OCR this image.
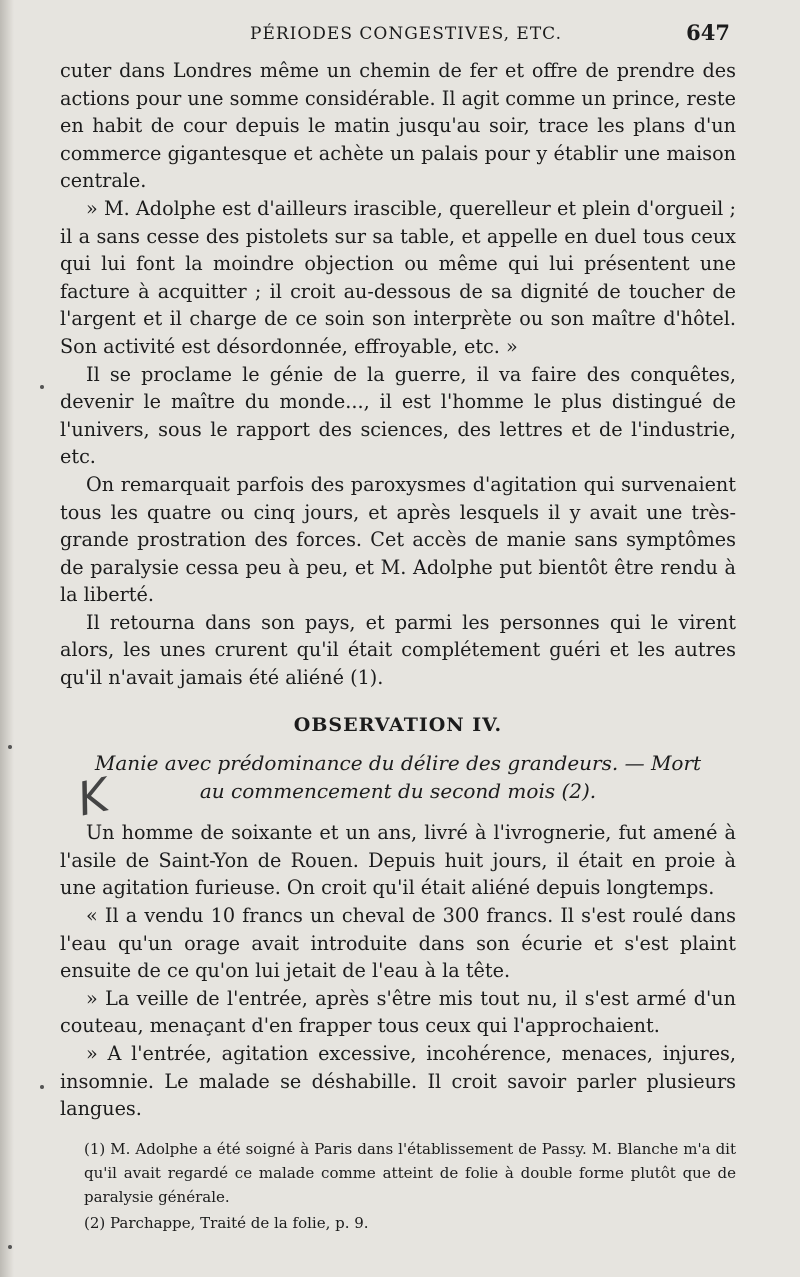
PÉRIODES CONGESTIVES, ETC.	647

cuter dans Londres même un chemin de fer et offre de prendre des actions pour une somme considérable. Il agit comme un prince, reste en habit de cour depuis le matin jusqu'au soir, trace les plans d'un commerce gigantesque et achète un palais pour y établir une maison centrale.

» M. Adolphe est d'ailleurs irascible, querelleur et plein d'orgueil ; il a sans cesse des pistolets sur sa table, et appelle en duel tous ceux qui lui font la moindre objection ou même qui lui présentent une facture à acquitter ; il croit au-dessous de sa dignité de toucher de l'argent et il charge de ce soin son interprète ou son maître d'hôtel. Son activité est désordonnée, effroyable, etc. »

Il se proclame le génie de la guerre, il va faire des conquêtes, devenir le maître du monde..., il est l'homme le plus distingué de l'univers, sous le rapport des sciences, des lettres et de l'industrie, etc.

On remarquait parfois des paroxysmes d'agitation qui survenaient tous les quatre ou cinq jours, et après lesquels il y avait une très-grande prostration des forces. Cet accès de manie sans symptômes de paralysie cessa peu à peu, et M. Adolphe put bientôt être rendu à la liberté.

Il retourna dans son pays, et parmi les personnes qui le virent alors, les unes crurent qu'il était complétement guéri et les autres qu'il n'avait jamais été aliéné (1).

OBSERVATION IV.
Manie avec prédominance du délire des grandeurs. — Mort
au commencement du second mois (2).

Un homme de soixante et un ans, livré à l'ivrognerie, fut amené à l'asile de Saint-Yon de Rouen. Depuis huit jours, il était en proie à une agitation furieuse. On croit qu'il était aliéné depuis longtemps.

« Il a vendu 10 francs un cheval de 300 francs. Il s'est roulé dans l'eau qu'un orage avait introduite dans son écurie et s'est plaint ensuite de ce qu'on lui jetait de l'eau à la tête.

» La veille de l'entrée, après s'être mis tout nu, il s'est armé d'un couteau, menaçant d'en frapper tous ceux qui l'approchaient.

» A l'entrée, agitation excessive, incohérence, menaces, injures, insomnie. Le malade se déshabille. Il croit savoir parler plusieurs langues.

K

(1) M. Adolphe a été soigné à Paris dans l'établissement de Passy. M. Blanche m'a dit qu'il avait regardé ce malade comme atteint de folie à double forme plutôt que de paralysie générale.

(2) Parchappe, Traité de la folie, p. 9.
